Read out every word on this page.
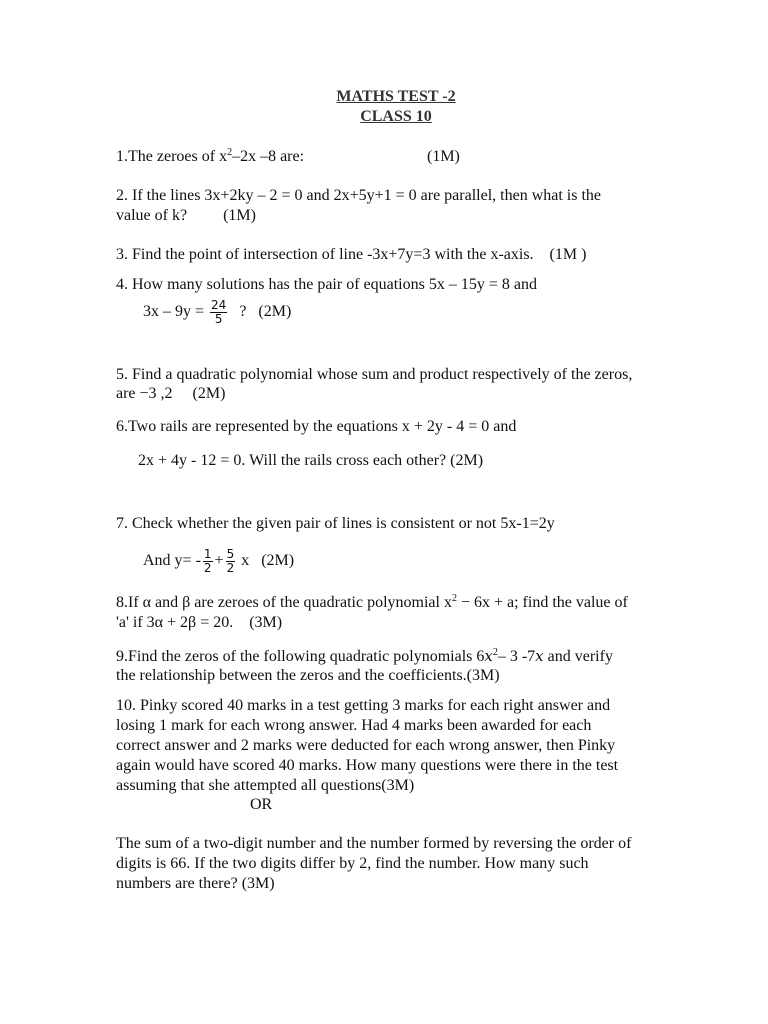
MATHS TEST -2
CLASS 10
1.The zeroes of $x^2-2x$ –8 are:	(1M)
2. If the lines 3x+2ky – 2 = 0 and 2x+5y+1 = 0 are parallel, then what is the
value of k?         (1M)
3. Find the point of intersection of line -3x+7y=3 with the x-axis.    (1M )
4. How many solutions has the pair of equations 5x – 15y = 8 and
$3x - 9y = \frac{24}{5}$ ?   (2M)
5. Find a quadratic polynomial whose sum and product respectively of the zeros,
are −3 ,2     (2M)
6.Two rails are represented by the equations x + 2y - 4 = 0 and
2x + 4y - 12 = 0. Will the rails cross each other? (2M)
7. Check whether the given pair of lines is consistent or not 5x-1=2y
And $y= - \frac{1}{2} + \frac{5}{2}$ x   (2M)
8.If α and β are zeroes of the quadratic polynomial $x^2 - 6x + a$; find the value of
'a' if 3α + 2β = 20.    (3M)
9.Find the zeros of the following quadratic polynomials $6x^2-$ 3 -7x and verify
the relationship between the zeros and the coefficients.(3M)
10. Pinky scored 40 marks in a test getting 3 marks for each right answer and
losing 1 mark for each wrong answer. Had 4 marks been awarded for each
correct answer and 2 marks were deducted for each wrong answer, then Pinky
again would have scored 40 marks. How many questions were there in the test
assuming that she attempted all questions(3M)
OR
The sum of a two-digit number and the number formed by reversing the order of
digits is 66. If the two digits differ by 2, find the number. How many such
numbers are there? (3M)
